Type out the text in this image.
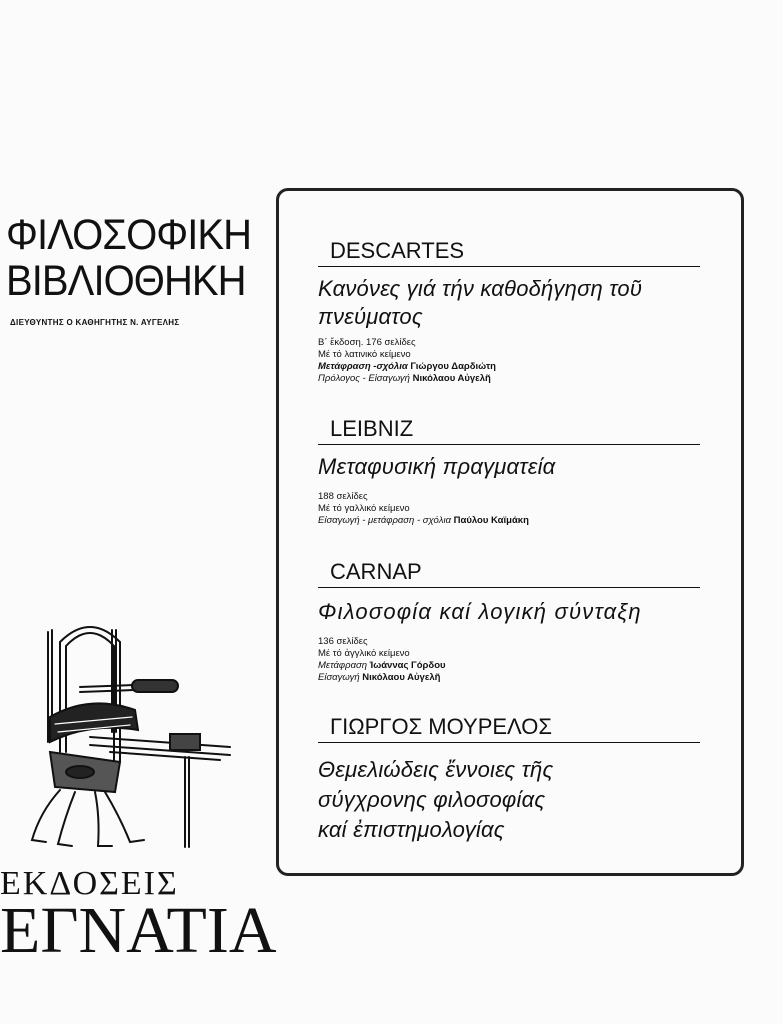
ΦΙΛΟΣΟΦΙΚΗ
ΒΙΒΛΙΟΘΗΚΗ
ΔΙΕΥΘΥΝΤΗΣ Ο ΚΑΘΗΓΗΤΗΣ Ν. ΑΥΓΕΛΗΣ
ΕΚΔΟΣΕΙΣ
ΕΓΝΑΤΙΑ
DESCARTES
Κανόνες γιά τήν καθοδήγηση τοῦ
πνεύματος
Β΄ ἔκδοση. 176 σελίδες
Μέ τό λατινικό κείμενο
Μετάφραση -σχόλια Γιώργου Δαρδιώτη
Πρόλογος - Εἰσαγωγή Νικόλαου Αὐγελῆ
LEIBNIZ
Μεταφυσική πραγματεία
188 σελίδες
Μέ τό γαλλικό κείμενο
Εἰσαγωγή - μετάφραση - σχόλια Παύλου Καϊμάκη
CARNAP
Φιλοσοφία καί λογική σύνταξη
136 σελίδες
Μέ τό ἀγγλικό κείμενο
Μετάφραση Ἰωάννας Γόρδου
Εἰσαγωγή Νικόλαου Αὐγελῆ
ΓΙΩΡΓΟΣ ΜΟΥΡΕΛΟΣ
Θεμελιώδεις ἔννοιες τῆς
σύγχρονης φιλοσοφίας
καί ἐπιστημολογίας
